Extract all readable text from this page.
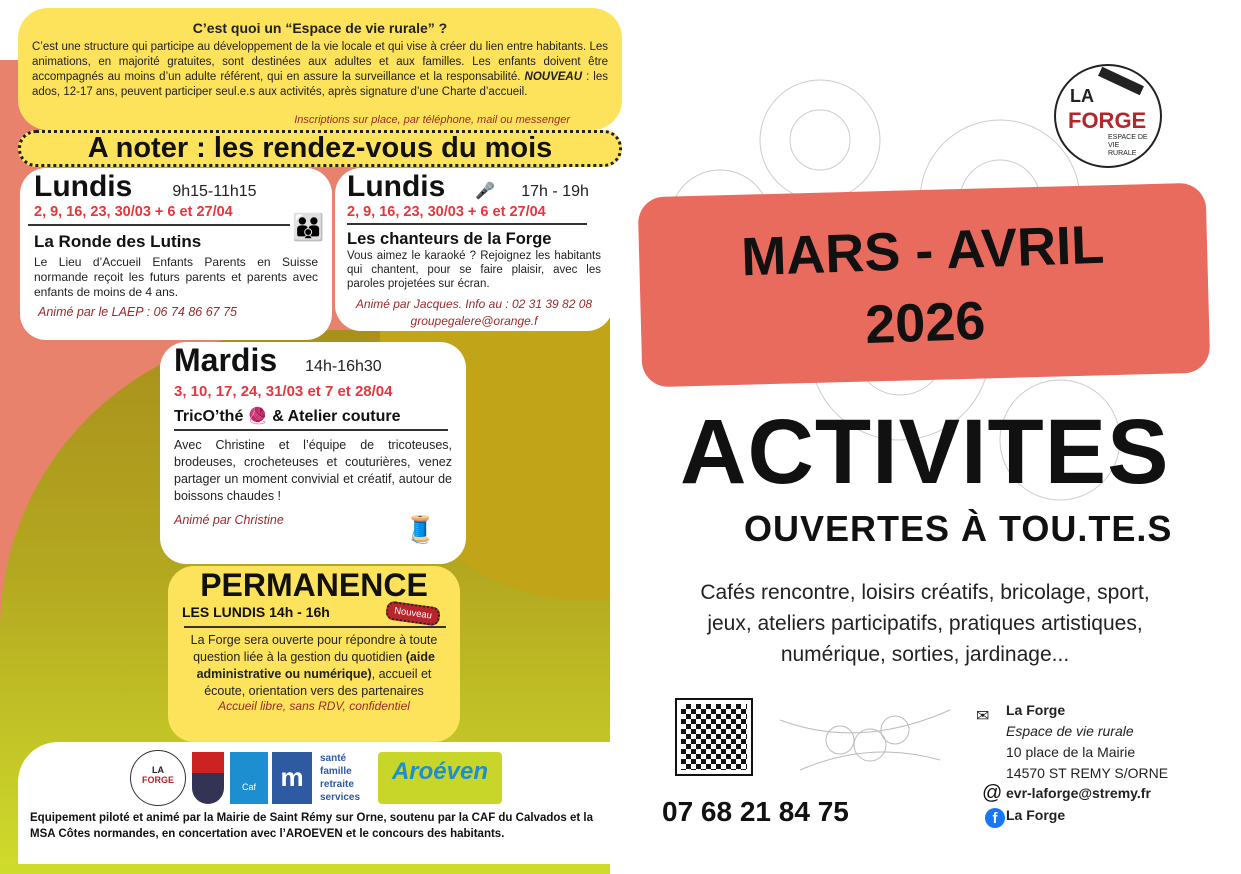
C’est quoi un “Espace de vie rurale” ?
C’est une structure qui participe au développement de la vie locale et qui vise à créer du lien entre habitants. Les animations, en majorité gratuites, sont destinées aux adultes et aux familles. Les enfants doivent être accompagnés au moins d’un adulte référent, qui en assure la surveillance et la responsabilité. NOUVEAU : les ados, 12-17 ans, peuvent participer seul.e.s aux activités, après signature d’une Charte d’accueil.
Inscriptions sur place, par téléphone, mail ou messenger
A noter : les rendez-vous du mois
Lundis	9h15-11h15
2, 9, 16, 23, 30/03 + 6 et 27/04
La Ronde des Lutins
Le Lieu d’Accueil Enfants Parents en Suisse normande reçoit les futurs parents et parents avec enfants de moins de 4 ans.
Animé par le LAEP : 06 74 86 67 75
👪
Lundis 🎤 17h - 19h
2, 9, 16, 23, 30/03 + 6 et 27/04
Les chanteurs de la Forge
Vous aimez le karaoké ? Rejoignez les habitants qui chantent, pour se faire plaisir, avec les paroles projetées sur écran.
Animé par Jacques. Info au : 02 31 39 82 08
groupegalere@orange.f
Mardis 14h-16h30
3, 10, 17, 24, 31/03 et 7 et 28/04
TricO’thé 🧶 & Atelier couture
Avec Christine et l’équipe de tricoteuses, brodeuses, crocheteuses et couturières, venez partager un moment convivial et créatif, autour de boissons chaudes !
Animé par Christine	🧵
PERMANENCE
LES LUNDIS 14h - 16h	Nouveau
La Forge sera ouverte pour répondre à toute question liée à la gestion du quotidien (aide administrative ou numérique), accueil et écoute, orientation vers des partenaires
Accueil libre, sans RDV, confidentiel
LA
FORGE
Caf m
santé
famille
retraite
services
Aroéven
Equipement piloté et animé par la Mairie de Saint Rémy sur Orne, soutenu par la CAF du Calvados et la MSA Côtes normandes, en concertation avec l’AROEVEN et le concours des habitants.
LA
FORGE
ESPACE DE VIE RURALE
MARS - AVRIL
2026
ACTIVITES
OUVERTES À TOU.TE.S
Cafés rencontre, loisirs créatifs, bricolage, sport, jeux, ateliers participatifs, pratiques artistiques, numérique, sorties, jardinage...
07 68 21 84 75
✉ La Forge
Espace de vie rurale
10 place de la Mairie
14570 ST REMY S/ORNE
@ evr-laforge@stremy.fr
f La Forge
